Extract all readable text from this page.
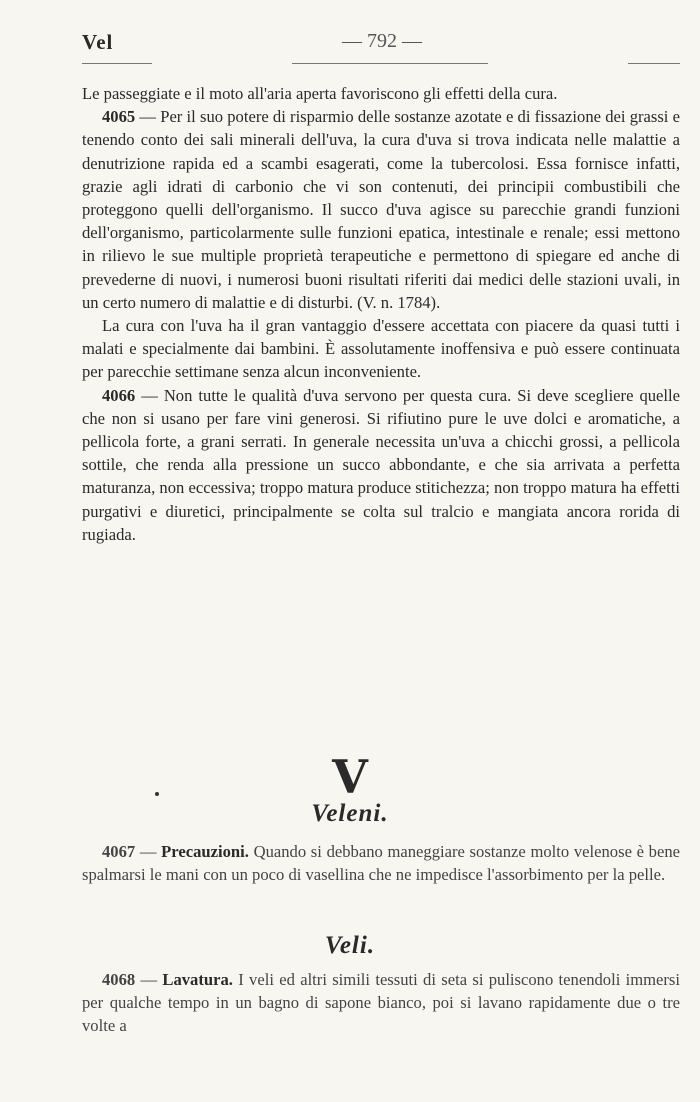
Vel	— 792 —

Le passeggiate e il moto all'aria aperta favoriscono gli effetti della cura.

4065 — Per il suo potere di risparmio delle sostanze azotate e di fissazione dei grassi e tenendo conto dei sali minerali dell'uva, la cura d'uva si trova indicata nelle malattie a denutrizione rapida ed a scambi esagerati, come la tubercolosi. Essa fornisce infatti, grazie agli idrati di carbonio che vi son contenuti, dei principii combustibili che proteggono quelli dell'organismo. Il succo d'uva agisce su parecchie grandi funzioni dell'organismo, particolarmente sulle funzioni epatica, intestinale e renale; essi mettono in rilievo le sue multiple proprietà terapeutiche e permettono di spiegare ed anche di prevederne di nuovi, i numerosi buoni risultati riferiti dai medici delle stazioni uvali, in un certo numero di malattie e di disturbi. (V. n. 1784).

La cura con l'uva ha il gran vantaggio d'essere accettata con piacere da quasi tutti i malati e specialmente dai bambini. È assolutamente inoffensiva e può essere continuata per parecchie settimane senza alcun inconveniente.

4066 — Non tutte le qualità d'uva servono per questa cura. Si deve scegliere quelle che non si usano per fare vini generosi. Si rifiutino pure le uve dolci e aromatiche, a pellicola forte, a grani serrati. In generale necessita un'uva a chicchi grossi, a pellicola sottile, che renda alla pressione un succo abbondante, e che sia arrivata a perfetta maturanza, non eccessiva; troppo matura produce stitichezza; non troppo matura ha effetti purgativi e diuretici, principalmente se colta sul tralcio e mangiata ancora rorida di rugiada.

V
Veleni.

4067 — Precauzioni. Quando si debbano maneggiare sostanze molto velenose è bene spalmarsi le mani con un poco di vasellina che ne impedisce l'assorbimento per la pelle.

Veli.

4068 — Lavatura. I veli ed altri simili tessuti di seta si puliscono tenendoli immersi per qualche tempo in un bagno di sapone bianco, poi si lavano rapidamente due o tre volte a
